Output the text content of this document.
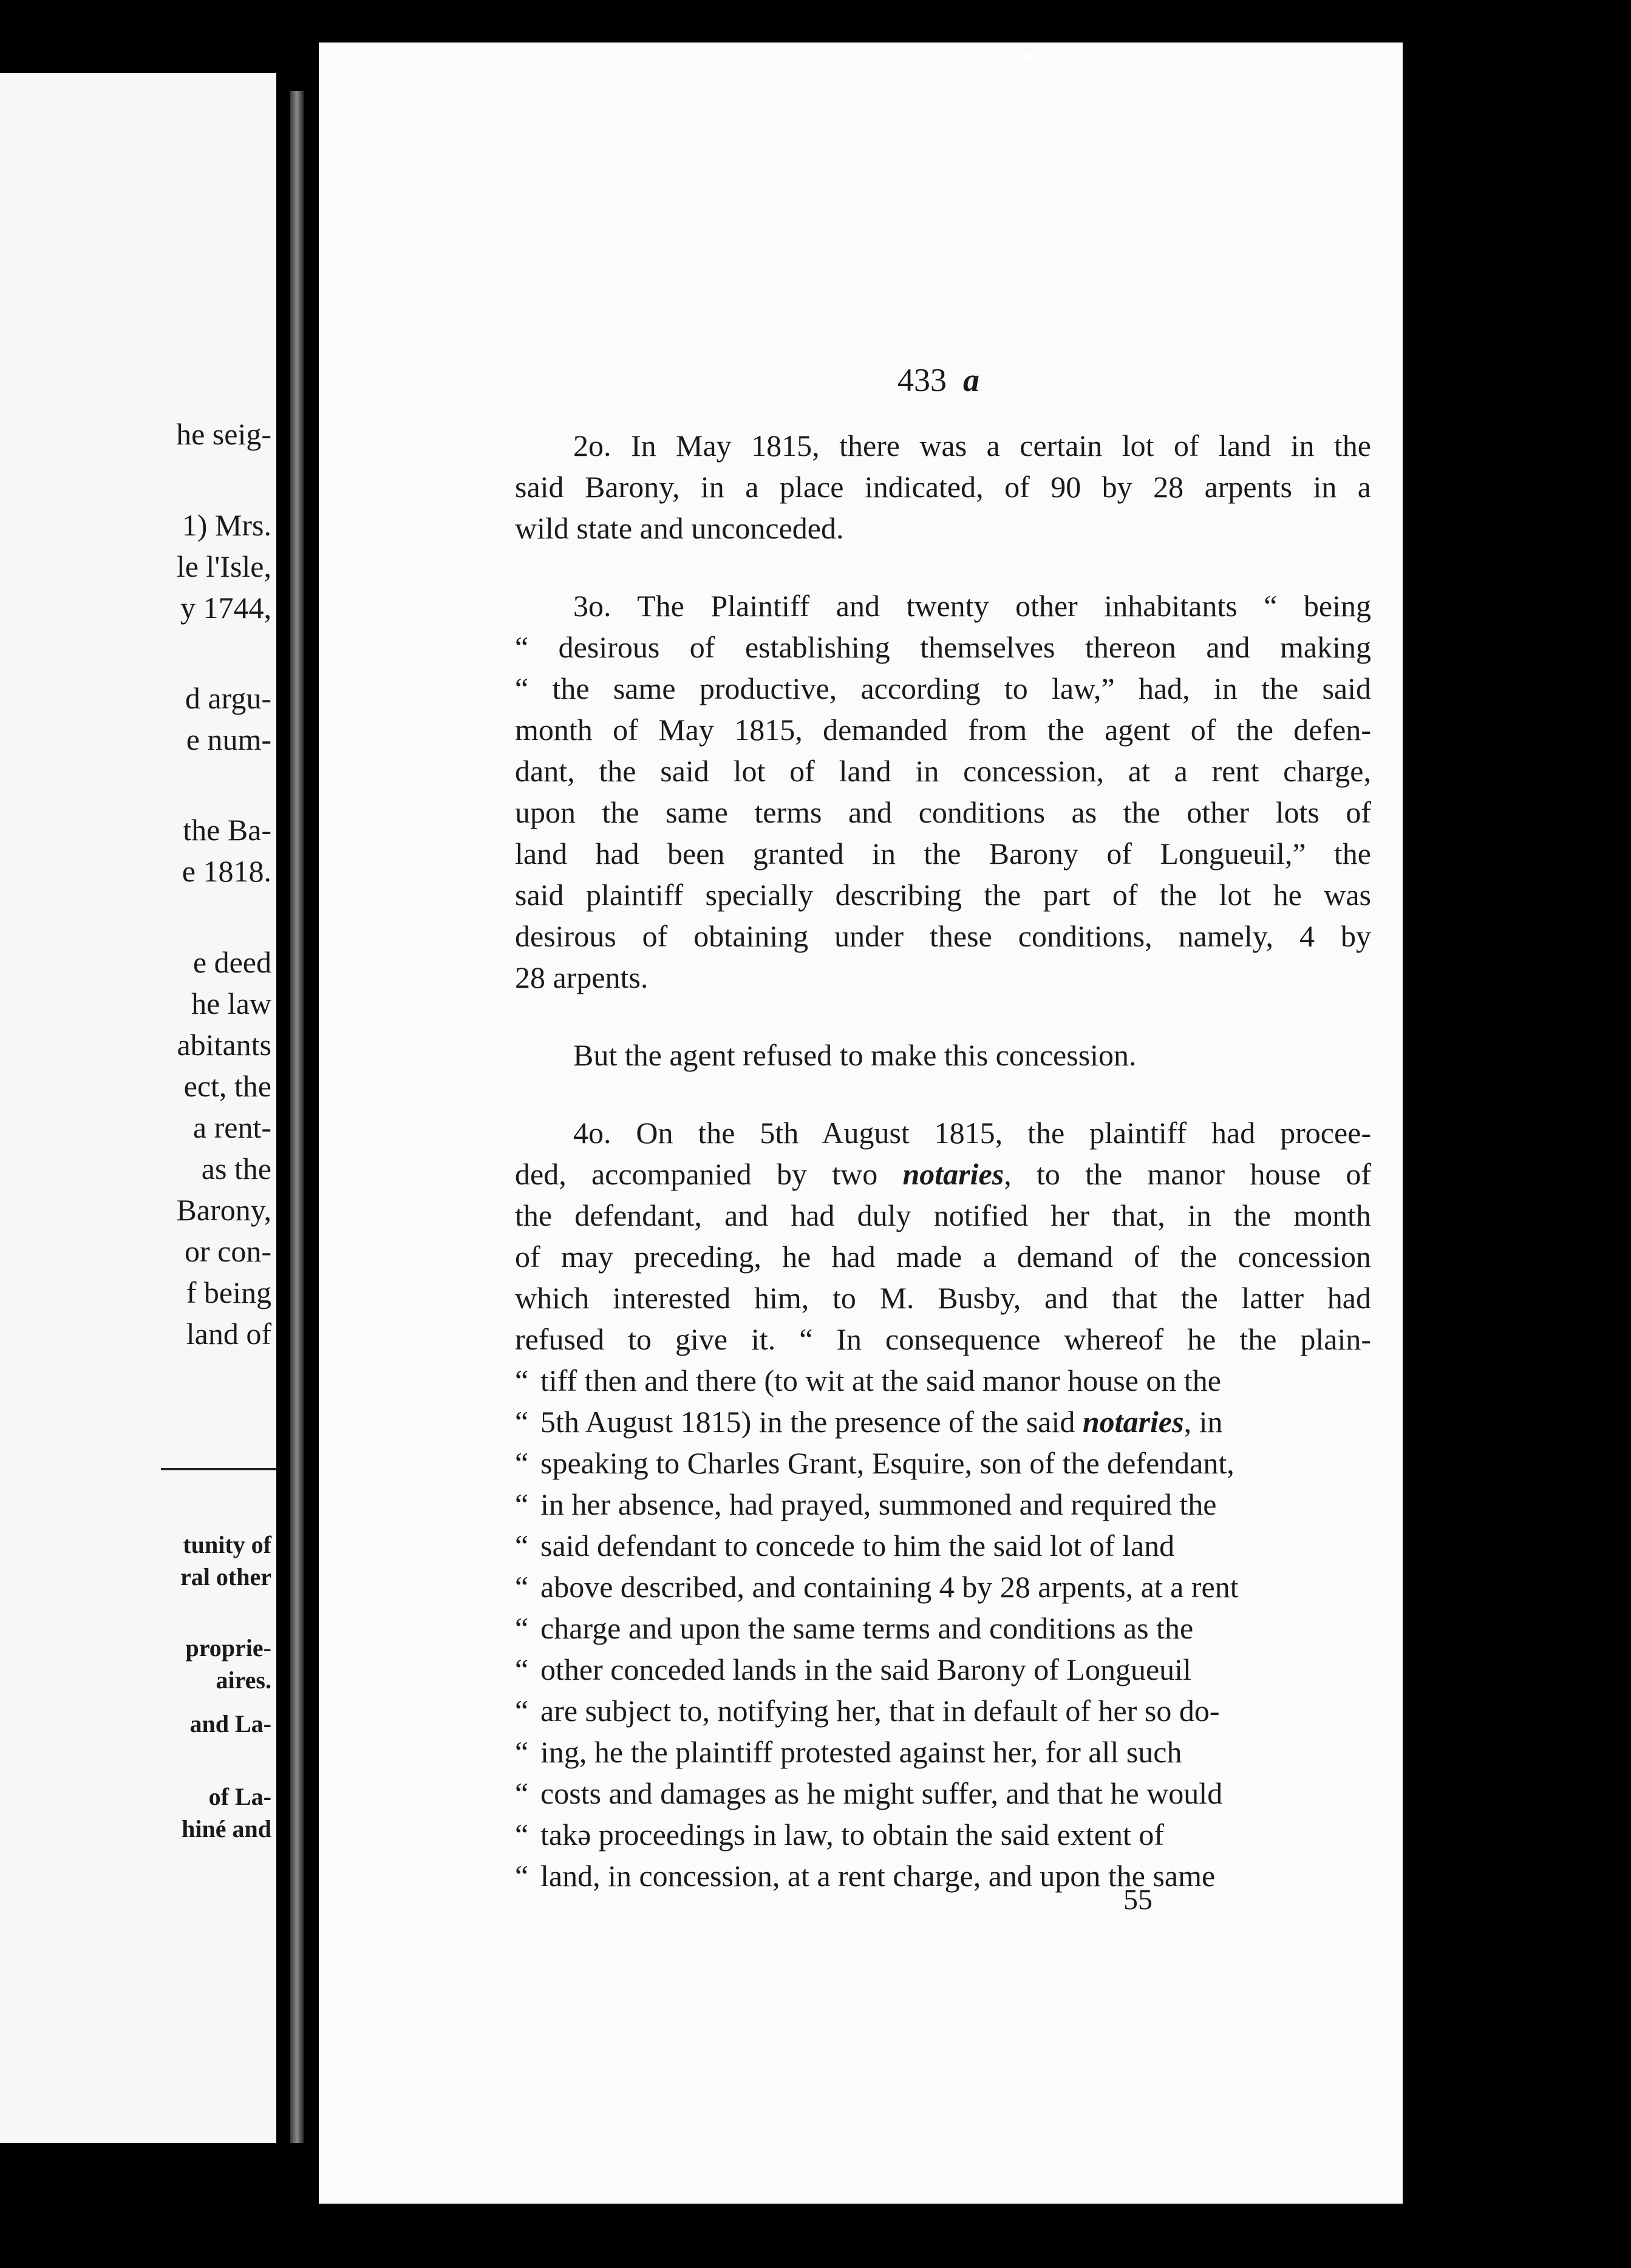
he seig-
1) Mrs.
le l'Isle,
y 1744,
d argu-
e num-
the Ba-
e 1818.
e deed
he law
abitants
ect, the
a rent-
as the
Barony,
or con-
f being
land of
tunity of
ral other
proprie-
aires.
and La-
of La-
hiné and
433 a
2o. In May 1815, there was a certain lot of land in the
said Barony, in a place indicated, of 90 by 28 arpents in a
wild state and unconceded.
3o. The Plaintiff and twenty other inhabitants “ being
“ desirous of establishing themselves thereon and making
“ the same productive, according to law,” had, in the said
month of May 1815, demanded from the agent of the defen-
dant, the said lot of land in concession, at a rent charge,
upon the same terms and conditions as the other lots of
land had been granted in the Barony of Longueuil,” the
said plaintiff specially describing the part of the lot he was
desirous of obtaining under these conditions, namely, 4 by
28 arpents.
But the agent refused to make this concession.
4o. On the 5th August 1815, the plaintiff had procee-
ded, accompanied by two notaries, to the manor house of
the defendant, and had duly notified her that, in the month
of may preceding, he had made a demand of the concession
which interested him, to M. Busby, and that the latter had
refused to give it. “ In consequence whereof he the plain-
“ tiff then and there (to wit at the said manor house on the
“ 5th August 1815) in the presence of the said notaries, in
“ speaking to Charles Grant, Esquire, son of the defendant,
“ in her absence, had prayed, summoned and required the
“ said defendant to concede to him the said lot of land
“ above described, and containing 4 by 28 arpents, at a rent
“ charge and upon the same terms and conditions as the
“ other conceded lands in the said Barony of Longueuil
“ are subject to, notifying her, that in default of her so do-
“ ing, he the plaintiff protested against her, for all such
“ costs and damages as he might suffer, and that he would
“ takə proceedings in law, to obtain the said extent of
“ land, in concession, at a rent charge, and upon the same
55
